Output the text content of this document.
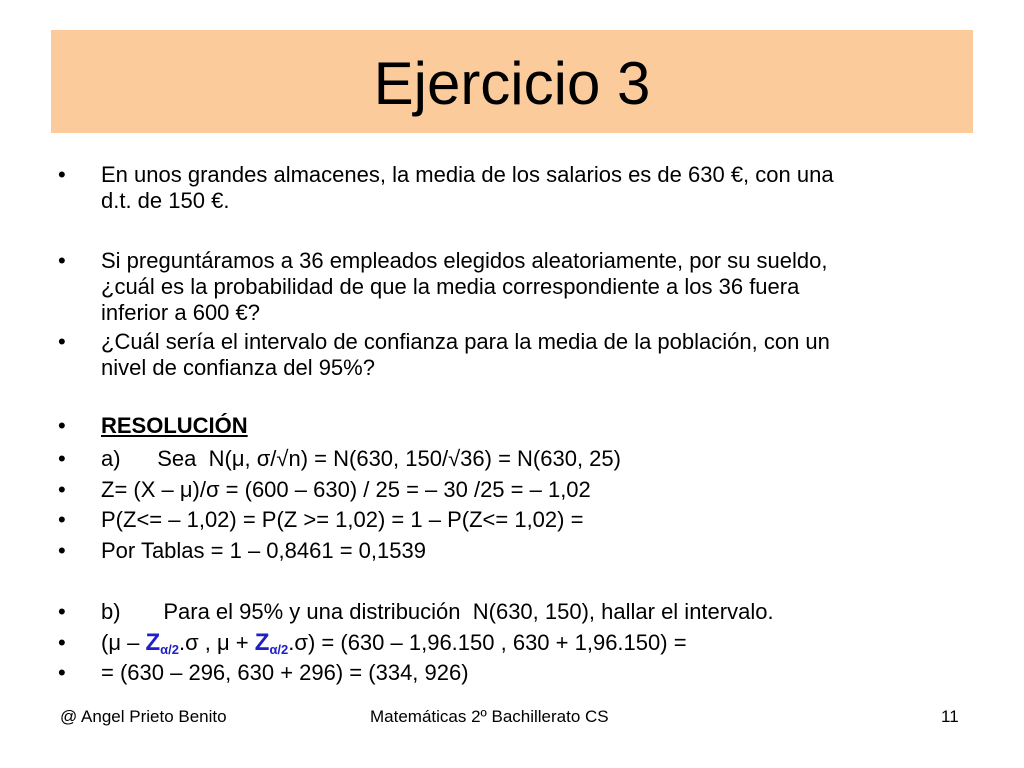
Ejercicio 3
• En unos grandes almacenes, la media de los salarios es de 630 €, con una
d.t. de 150 €.
• Si preguntáramos a 36 empleados elegidos aleatoriamente, por su sueldo,
¿cuál es la probabilidad de que la media correspondiente a los 36 fuera
inferior a 600 €?
• ¿Cuál sería el intervalo de confianza para la media de la población, con un
nivel de confianza del 95%?
• RESOLUCIÓN
• a)      Sea  N(μ, σ/√n) = N(630, 150/√36) = N(630, 25)
• Z= (X – μ)/σ = (600 – 630) / 25 = – 30 /25 = – 1,02
• P(Z<= – 1,02) = P(Z >= 1,02) = 1 – P(Z<= 1,02) =
• Por Tablas = 1 – 0,8461 = 0,1539
• b)       Para el 95% y una distribución  N(630, 150), hallar el intervalo.
• ($\mu - Z_{\alpha/2}.\sigma$ , $\mu + Z_{\alpha/2}.\sigma) = (630 - 1,96.150$ , 630 + 1,96.150) =
• = (630 – 296, 630 + 296) = (334, 926)
@ Angel Prieto Benito	Matemáticas 2º Bachillerato CS	11
